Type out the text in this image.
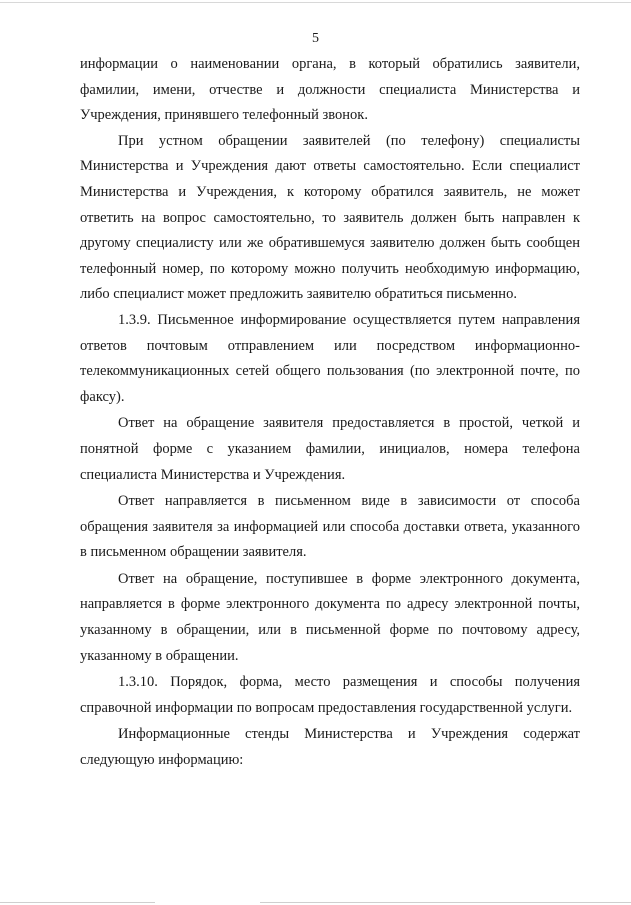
5

информации о наименовании органа, в который обратились заявители, фамилии, имени, отчестве и должности специалиста Министерства и Учреждения, принявшего телефонный звонок.

При устном обращении заявителей (по телефону) специалисты Министерства и Учреждения дают ответы самостоятельно. Если специалист Министерства и Учреждения, к которому обратился заявитель, не может ответить на вопрос самостоятельно, то заявитель должен быть направлен к другому специалисту или же обратившемуся заявителю должен быть сообщен телефонный номер, по которому можно получить необходимую информацию, либо специалист может предложить заявителю обратиться письменно.

1.3.9. Письменное информирование осуществляется путем направления ответов почтовым отправлением или посредством информационно-телекоммуникационных сетей общего пользования (по электронной почте, по факсу).

Ответ на обращение заявителя предоставляется в простой, четкой и понятной форме с указанием фамилии, инициалов, номера телефона специалиста Министерства и Учреждения.

Ответ направляется в письменном виде в зависимости от способа обращения заявителя за информацией или способа доставки ответа, указанного в письменном обращении заявителя.

Ответ на обращение, поступившее в форме электронного документа, направляется в форме электронного документа по адресу электронной почты, указанному в обращении, или в письменной форме по почтовому адресу, указанному в обращении.

1.3.10. Порядок, форма, место размещения и способы получения справочной информации по вопросам предоставления государственной услуги.

Информационные стенды Министерства и Учреждения содержат следующую информацию:
